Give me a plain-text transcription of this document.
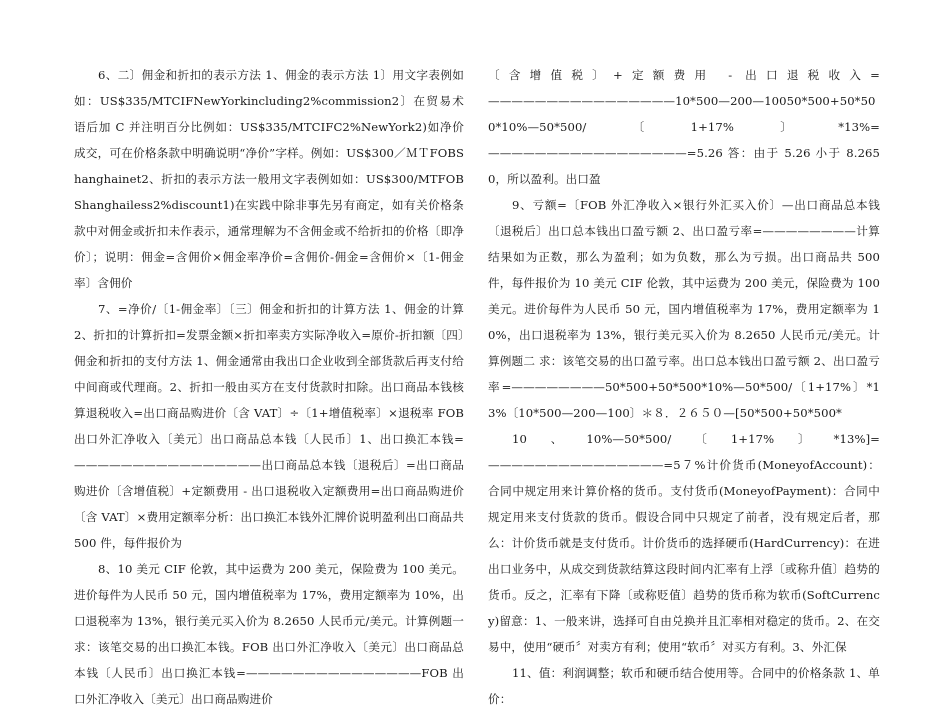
6、二〕佣金和折扣的表示方法 1、佣金的表示方法 1〕用文字表例如如：US$335/MTCIFNewYorkincluding2%commission2〕在贸易术语后加 C 并注明百分比例如：US$335/MTCIFC2%NewYork2)如净价成交，可在价格条款中明确说明“净价”字样。例如：US$300／ＭＴFOBShanghainet2、折扣的表示方法一般用文字表例如如：US$300/MTFOBShanghailess2%discount1)在实践中除非事先另有商定，如有关价格条款中对佣金或折扣未作表示，通常理解为不含佣金或不给折扣的价格〔即净价〕；说明：佣金=含佣价×佣金率净价=含佣价-佣金=含佣价×〔1-佣金率〕含佣价

7、=净价/〔1-佣金率〕〔三〕佣金和折扣的计算方法 1、佣金的计算 2、折扣的计算折扣=发票金额×折扣率卖方实际净收入=原价-折扣额〔四〕佣金和折扣的支付方法 1、佣金通常由我出口企业收到全部货款后再支付给中间商或代理商。2、折扣一般由买方在支付货款时扣除。出口商品本钱核算退税收入=出口商品购进价〔含 VAT〕÷〔1+增值税率〕×退税率 FOB 出口外汇净收入〔美元〕出口商品总本钱〔人民币〕1、出口换汇本钱=————————————————出口商品总本钱〔退税后〕=出口商品购进价〔含增值税〕+定额费用 - 出口退税收入定额费用=出口商品购进价〔含 VAT〕×费用定额率分析：出口换汇本钱外汇牌价说明盈利出口商品共 500 件，每件报价为

8、10 美元 CIF 伦敦，其中运费为 200 美元，保险费为 100 美元。进价每件为人民币 50 元，国内增值税率为 17%，费用定额率为 10%，出口退税率为 13%，银行美元买入价为 8.2650 人民币元/美元。计算例题一求：该笔交易的出口换汇本钱。FOB 出口外汇净收入〔美元〕出口商品总本钱〔人民币〕出口换汇本钱=———————————————FOB 出口外汇净收入〔美元〕出口商品购进价

〔含增值税〕+定额费用 - 出口退税收入=————————————————10*500—200—10050*500+50*500*10%—50*500/〔1+17%〕*13%=—————————————————=5.26 答：由于 5.26 小于 8.2650，所以盈利。出口盈

9、亏额=〔FOB 外汇净收入×银行外汇买入价〕—出口商品总本钱〔退税后〕出口总本钱出口盈亏额 2、出口盈亏率=————————计算结果如为正数，那么为盈利；如为负数，那么为亏损。出口商品共 500 件，每件报价为 10 美元 CIF 伦敦，其中运费为 200 美元，保险费为 100 美元。进价每件为人民币 50 元，国内增值税率为 17%，费用定额率为 10%，出口退税率为 13%，银行美元买入价为 8.2650 人民币元/美元。计算例题二 求：该笔交易的出口盈亏率。出口总本钱出口盈亏额 2、出口盈亏率=————————50*500+50*500*10%—50*500/〔1+17%〕*13%〔10*500—200—100〕＊８．２６５０—[50*500+50*500*

10、10%—50*500/〔1+17%〕*13%]=———————————————=5７%计价货币(MoneyofAccount)：合同中规定用来计算价格的货币。支付货币(MoneyofPayment)：合同中规定用来支付货款的货币。假设合同中只规定了前者，没有规定后者，那么：计价货币就是支付货币。计价货币的选择硬币(HardCurrency)：在进出口业务中，从成交到货款结算这段时间内汇率有上浮〔或称升值〕趋势的货币。反之，汇率有下降〔或称贬值〕趋势的货币称为软币(SoftCurrency)留意：1、一般来讲，选择可自由兑换并且汇率相对稳定的货币。2、在交易中，使用“硬币〞对卖方有利；使用“软币〞对买方有利。3、外汇保

11、值：利润调整；软币和硬币结合使用等。合同中的价格条款 1、单价：
